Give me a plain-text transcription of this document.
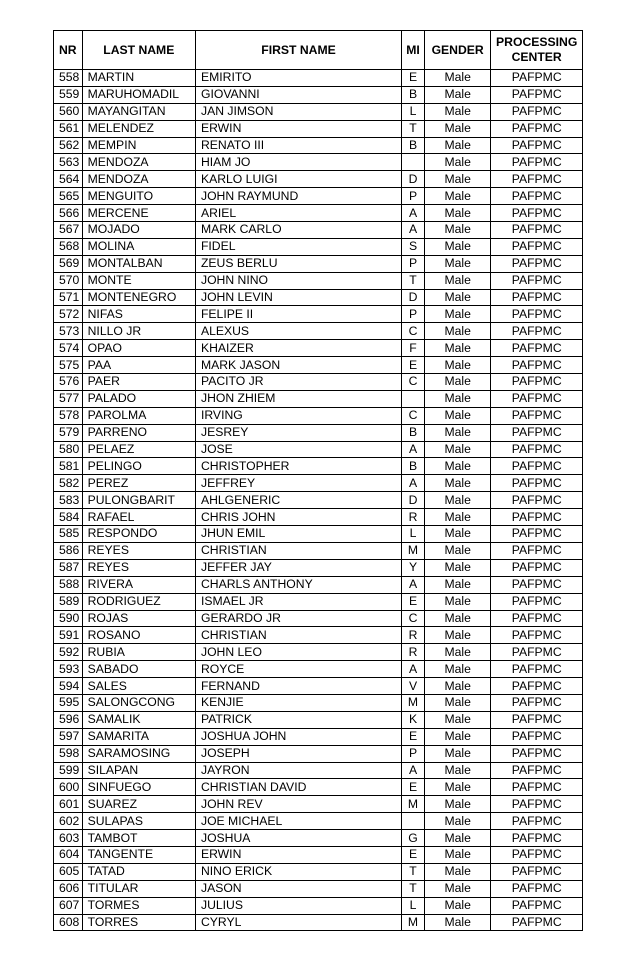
NR	LAST NAME	FIRST NAME	MI	GENDER	PROCESSING CENTER
558	MARTIN	EMIRITO	E	Male	PAFPMC
559	MARUHOMADIL	GIOVANNI	B	Male	PAFPMC
560	MAYANGITAN	JAN JIMSON	L	Male	PAFPMC
561	MELENDEZ	ERWIN	T	Male	PAFPMC
562	MEMPIN	RENATO III	B	Male	PAFPMC
563	MENDOZA	HIAM JO		Male	PAFPMC
564	MENDOZA	KARLO LUIGI	D	Male	PAFPMC
565	MENGUITO	JOHN RAYMUND	P	Male	PAFPMC
566	MERCENE	ARIEL	A	Male	PAFPMC
567	MOJADO	MARK CARLO	A	Male	PAFPMC
568	MOLINA	FIDEL	S	Male	PAFPMC
569	MONTALBAN	ZEUS BERLU	P	Male	PAFPMC
570	MONTE	JOHN NINO	T	Male	PAFPMC
571	MONTENEGRO	JOHN LEVIN	D	Male	PAFPMC
572	NIFAS	FELIPE II	P	Male	PAFPMC
573	NILLO JR	ALEXUS	C	Male	PAFPMC
574	OPAO	KHAIZER	F	Male	PAFPMC
575	PAA	MARK JASON	E	Male	PAFPMC
576	PAER	PACITO JR	C	Male	PAFPMC
577	PALADO	JHON ZHIEM		Male	PAFPMC
578	PAROLMA	IRVING	C	Male	PAFPMC
579	PARRENO	JESREY	B	Male	PAFPMC
580	PELAEZ	JOSE	A	Male	PAFPMC
581	PELINGO	CHRISTOPHER	B	Male	PAFPMC
582	PEREZ	JEFFREY	A	Male	PAFPMC
583	PULONGBARIT	AHLGENERIC	D	Male	PAFPMC
584	RAFAEL	CHRIS JOHN	R	Male	PAFPMC
585	RESPONDO	JHUN EMIL	L	Male	PAFPMC
586	REYES	CHRISTIAN	M	Male	PAFPMC
587	REYES	JEFFER JAY	Y	Male	PAFPMC
588	RIVERA	CHARLS ANTHONY	A	Male	PAFPMC
589	RODRIGUEZ	ISMAEL JR	E	Male	PAFPMC
590	ROJAS	GERARDO JR	C	Male	PAFPMC
591	ROSANO	CHRISTIAN	R	Male	PAFPMC
592	RUBIA	JOHN LEO	R	Male	PAFPMC
593	SABADO	ROYCE	A	Male	PAFPMC
594	SALES	FERNAND	V	Male	PAFPMC
595	SALONGCONG	KENJIE	M	Male	PAFPMC
596	SAMALIK	PATRICK	K	Male	PAFPMC
597	SAMARITA	JOSHUA JOHN	E	Male	PAFPMC
598	SARAMOSING	JOSEPH	P	Male	PAFPMC
599	SILAPAN	JAYRON	A	Male	PAFPMC
600	SINFUEGO	CHRISTIAN DAVID	E	Male	PAFPMC
601	SUAREZ	JOHN REV	M	Male	PAFPMC
602	SULAPAS	JOE MICHAEL		Male	PAFPMC
603	TAMBOT	JOSHUA	G	Male	PAFPMC
604	TANGENTE	ERWIN	E	Male	PAFPMC
605	TATAD	NINO ERICK	T	Male	PAFPMC
606	TITULAR	JASON	T	Male	PAFPMC
607	TORMES	JULIUS	L	Male	PAFPMC
608	TORRES	CYRYL	M	Male	PAFPMC
